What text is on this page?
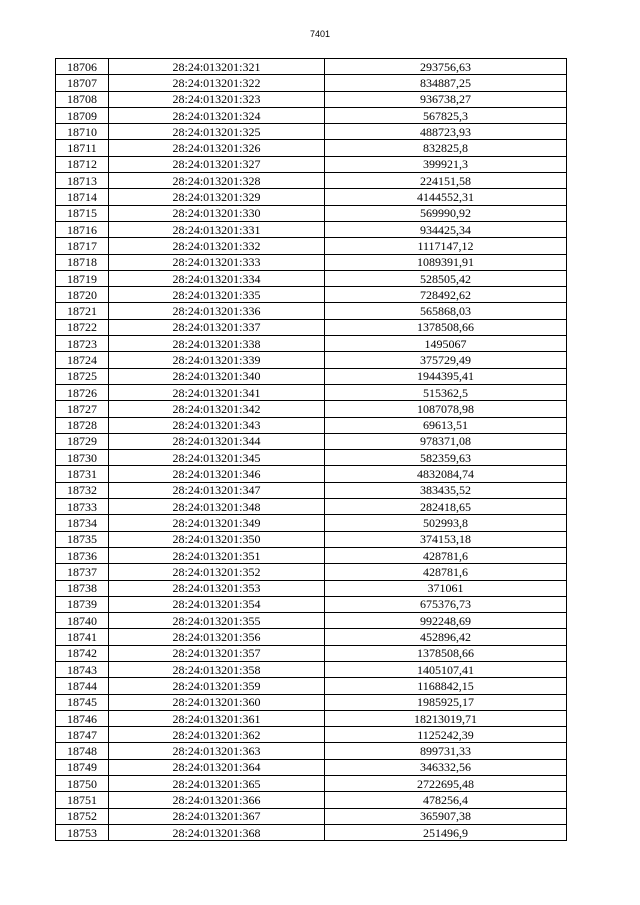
7401
18706	28:24:013201:321	293756,63
18707	28:24:013201:322	834887,25
18708	28:24:013201:323	936738,27
18709	28:24:013201:324	567825,3
18710	28:24:013201:325	488723,93
18711	28:24:013201:326	832825,8
18712	28:24:013201:327	399921,3
18713	28:24:013201:328	224151,58
18714	28:24:013201:329	4144552,31
18715	28:24:013201:330	569990,92
18716	28:24:013201:331	934425,34
18717	28:24:013201:332	1117147,12
18718	28:24:013201:333	1089391,91
18719	28:24:013201:334	528505,42
18720	28:24:013201:335	728492,62
18721	28:24:013201:336	565868,03
18722	28:24:013201:337	1378508,66
18723	28:24:013201:338	1495067
18724	28:24:013201:339	375729,49
18725	28:24:013201:340	1944395,41
18726	28:24:013201:341	515362,5
18727	28:24:013201:342	1087078,98
18728	28:24:013201:343	69613,51
18729	28:24:013201:344	978371,08
18730	28:24:013201:345	582359,63
18731	28:24:013201:346	4832084,74
18732	28:24:013201:347	383435,52
18733	28:24:013201:348	282418,65
18734	28:24:013201:349	502993,8
18735	28:24:013201:350	374153,18
18736	28:24:013201:351	428781,6
18737	28:24:013201:352	428781,6
18738	28:24:013201:353	371061
18739	28:24:013201:354	675376,73
18740	28:24:013201:355	992248,69
18741	28:24:013201:356	452896,42
18742	28:24:013201:357	1378508,66
18743	28:24:013201:358	1405107,41
18744	28:24:013201:359	1168842,15
18745	28:24:013201:360	1985925,17
18746	28:24:013201:361	18213019,71
18747	28:24:013201:362	1125242,39
18748	28:24:013201:363	899731,33
18749	28:24:013201:364	346332,56
18750	28:24:013201:365	2722695,48
18751	28:24:013201:366	478256,4
18752	28:24:013201:367	365907,38
18753	28:24:013201:368	251496,9
